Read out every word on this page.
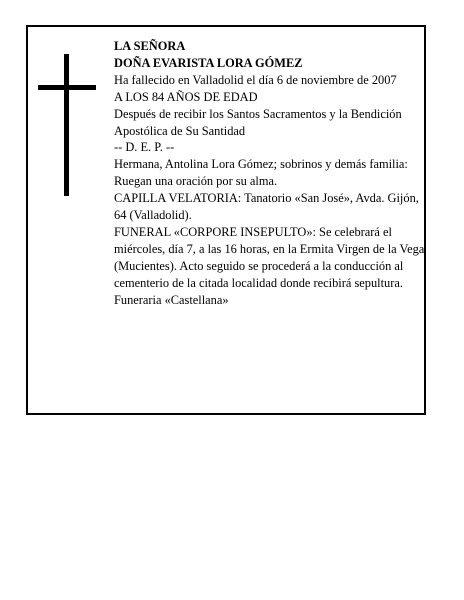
LA SEÑORA

DOÑA EVARISTA LORA GÓMEZ

Ha fallecido en Valladolid el día 6 de noviembre de 2007

A LOS 84 AÑOS DE EDAD

Después de recibir los Santos Sacramentos y la Bendición Apostólica de Su Santidad

-- D. E. P. --

Hermana, Antolina Lora Gómez; sobrinos y demás familia:

Ruegan una oración por su alma.

CAPILLA VELATORIA: Tanatorio «San José», Avda. Gijón, 64 (Valladolid).

FUNERAL «CORPORE INSEPULTO»: Se celebrará el miércoles, día 7, a las 16 horas, en la Ermita Virgen de la Vega (Mucientes). Acto seguido se procederá a la conducción al cementerio de la citada localidad donde recibirá sepultura.

Funeraria «Castellana»
